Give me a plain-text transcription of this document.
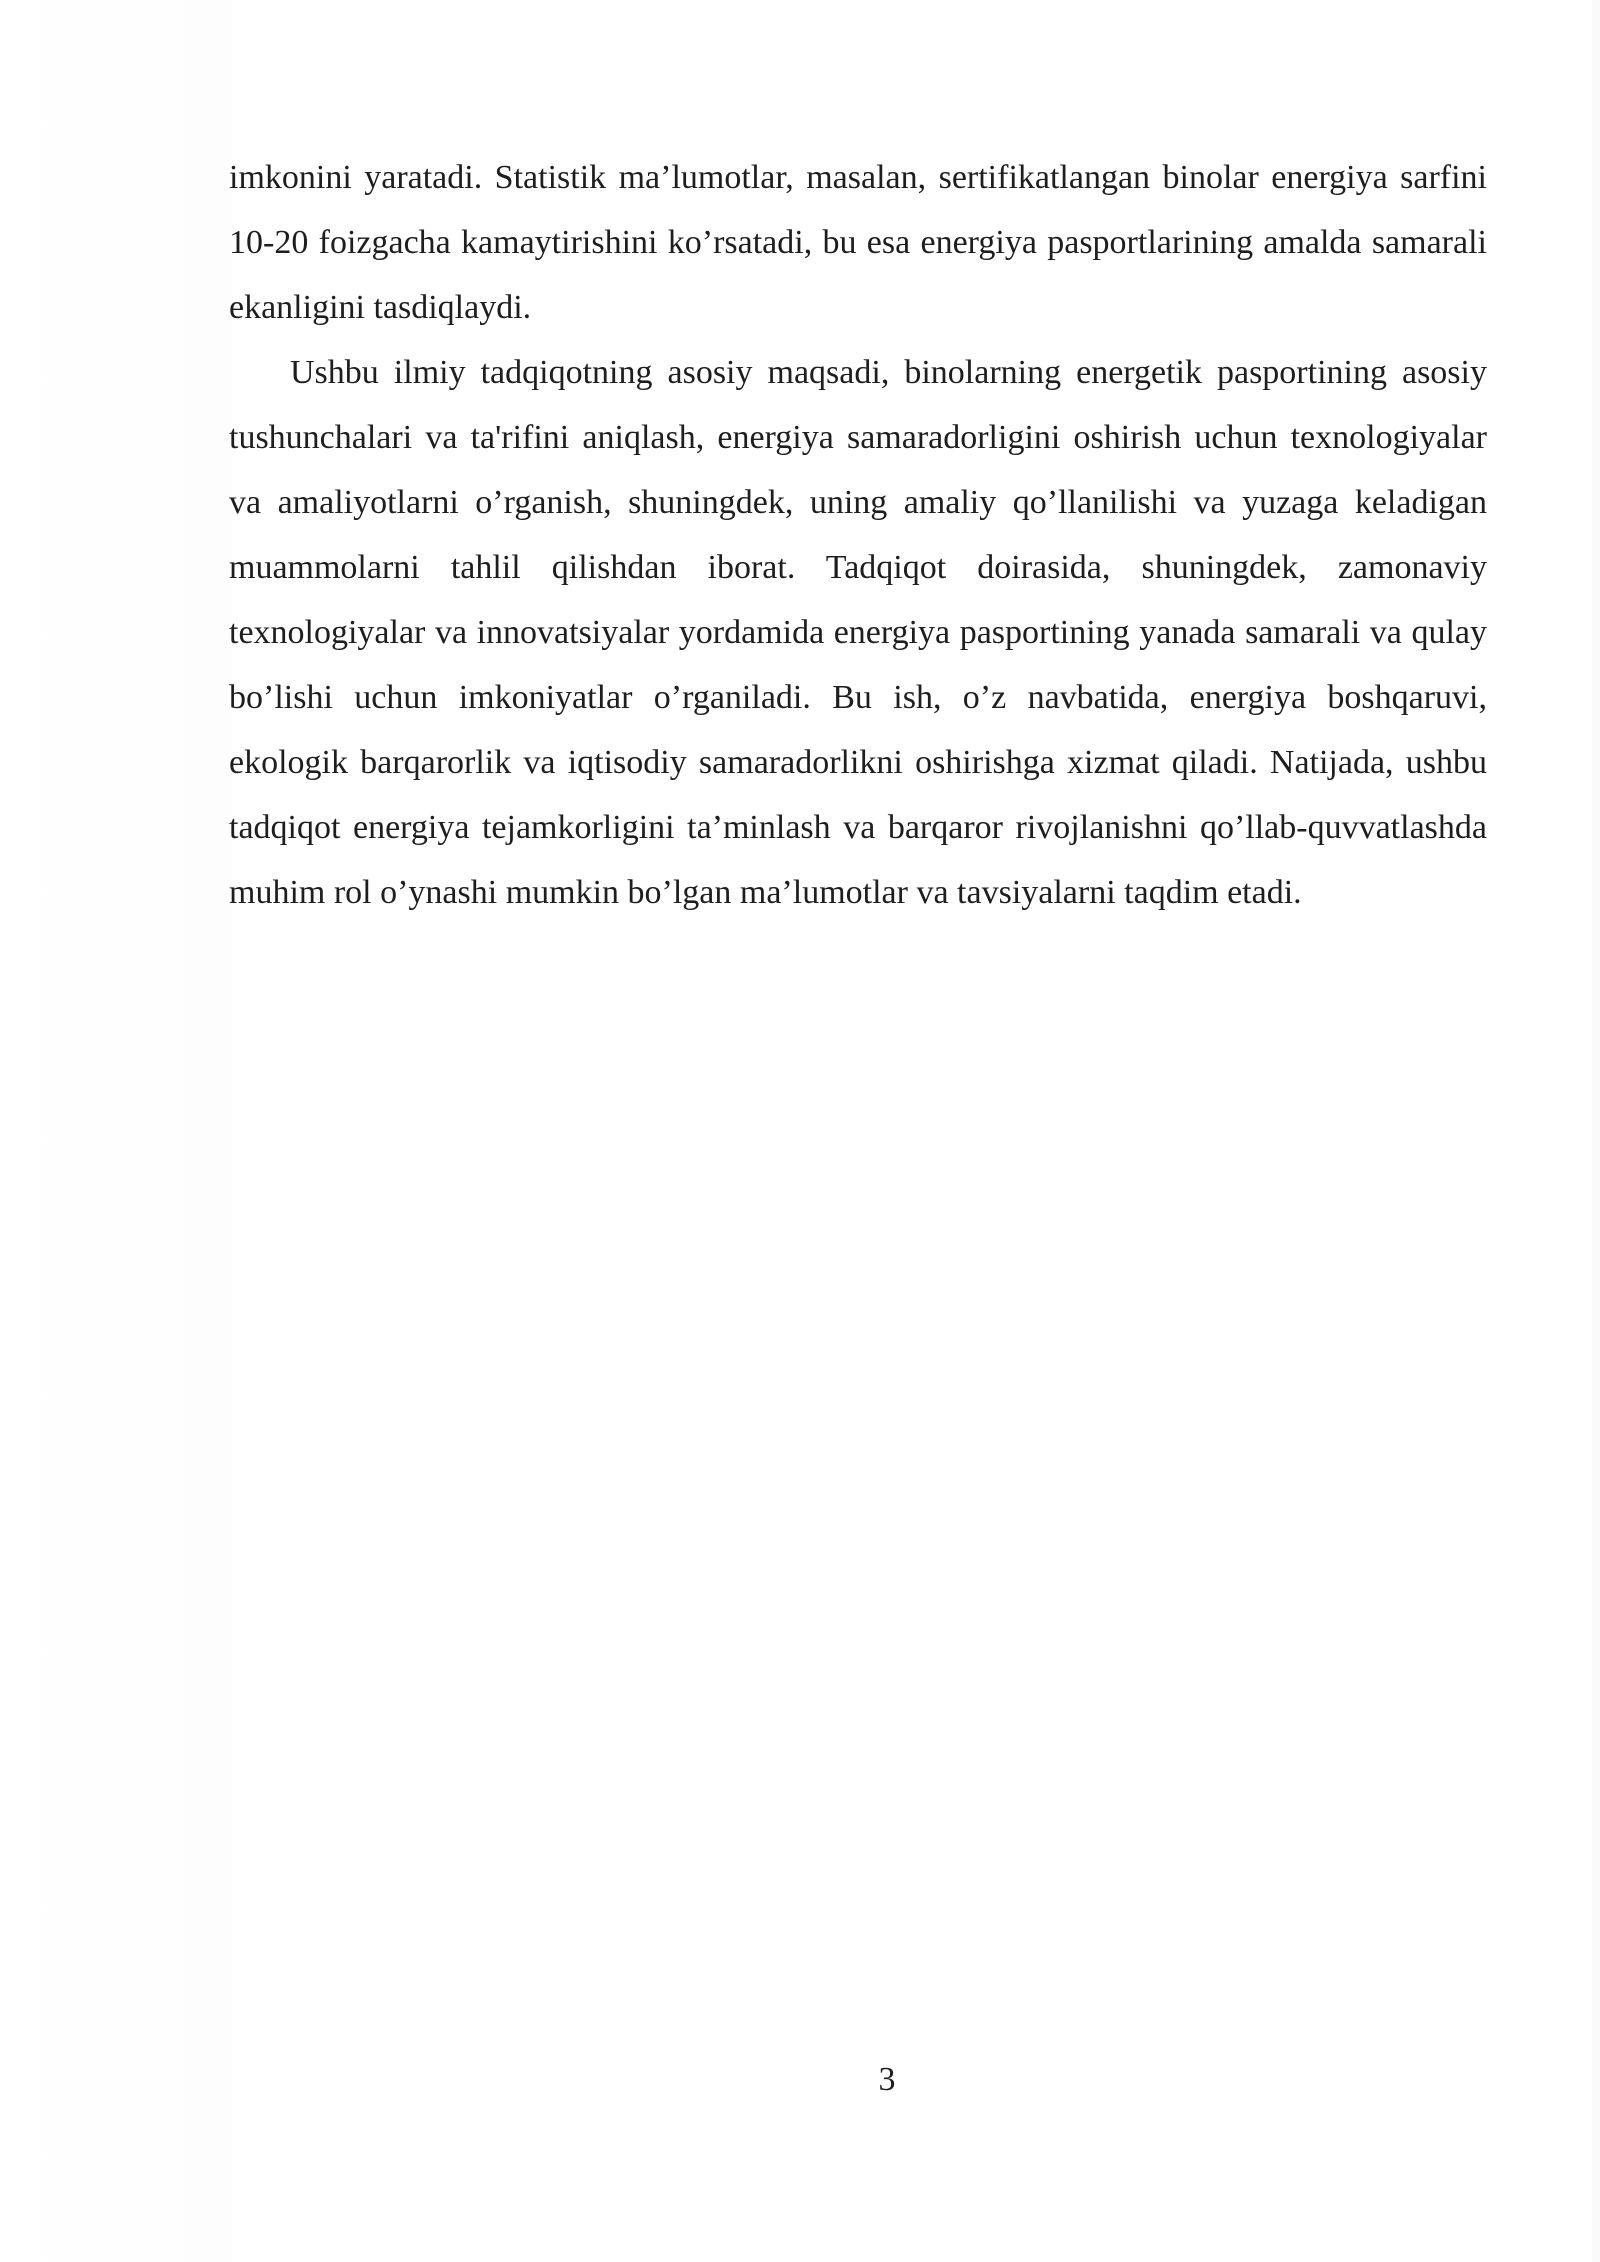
imkonini yaratadi. Statistik ma’lumotlar, masalan, sertifikatlangan binolar energiya sarfini 10-20 foizgacha kamaytirishini ko’rsatadi, bu esa energiya pasportlarining amalda samarali ekanligini tasdiqlaydi.

Ushbu ilmiy tadqiqotning asosiy maqsadi, binolarning energetik pasportining asosiy tushunchalari va ta'rifini aniqlash, energiya samaradorligini oshirish uchun texnologiyalar va amaliyotlarni o’rganish, shuningdek, uning amaliy qo’llanilishi va yuzaga keladigan muammolarni tahlil qilishdan iborat. Tadqiqot doirasida, shuningdek, zamonaviy texnologiyalar va innovatsiyalar yordamida energiya pasportining yanada samarali va qulay bo’lishi uchun imkoniyatlar o’rganiladi. Bu ish, o’z navbatida, energiya boshqaruvi, ekologik barqarorlik va iqtisodiy samaradorlikni oshirishga xizmat qiladi. Natijada, ushbu tadqiqot energiya tejamkorligini ta’minlash va barqaror rivojlanishni qo’llab-quvvatlashda muhim rol o’ynashi mumkin bo’lgan ma’lumotlar va tavsiyalarni taqdim etadi.

3
